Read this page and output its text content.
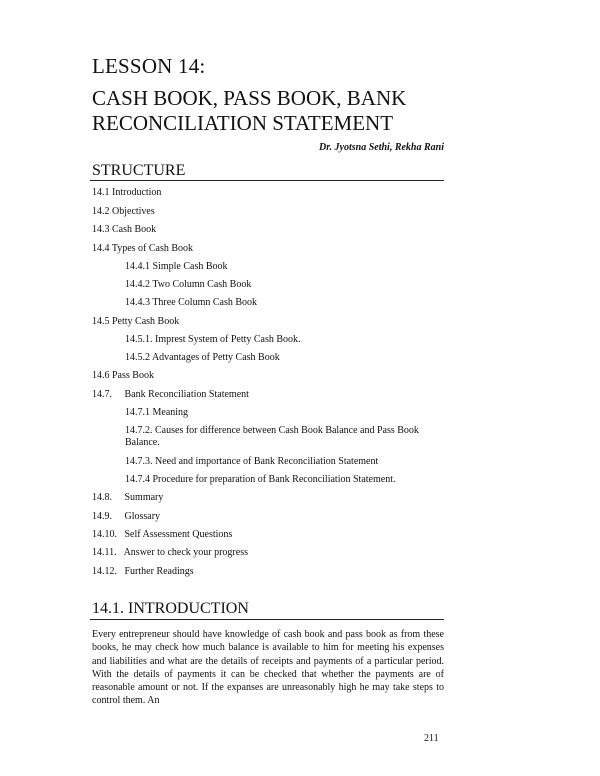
LESSON 14:
CASH BOOK, PASS BOOK, BANK
RECONCILIATION STATEMENT
Dr. Jyotsna Sethi, Rekha Rani
STRUCTURE
14.1 Introduction
14.2 Objectives
14.3 Cash Book
14.4 Types of Cash Book
14.4.1 Simple Cash Book
14.4.2 Two Column Cash Book
14.4.3 Three Column Cash Book
14.5 Petty Cash Book
14.5.1. Imprest System of Petty Cash Book.
14.5.2 Advantages of Petty Cash Book
14.6 Pass Book
14.7.     Bank Reconciliation Statement
14.7.1 Meaning
14.7.2. Causes for difference between Cash Book Balance and Pass Book Balance.
14.7.3. Need and importance of Bank Reconciliation Statement
14.7.4 Procedure for preparation of Bank Reconciliation Statement.
14.8.     Summary
14.9.     Glossary
14.10.   Self Assessment Questions
14.11.   Answer to check your progress
14.12.   Further Readings
14.1. INTRODUCTION
Every entrepreneur should have knowledge of cash book and pass book as from these books, he may check how much balance is available to him for meeting his expenses and liabilities and what are the details of receipts and payments of a particular period. With the details of payments it can be checked that whether the payments are of reasonable amount or not. If the expanses are unreasonably high he may take steps to control them. An
211
